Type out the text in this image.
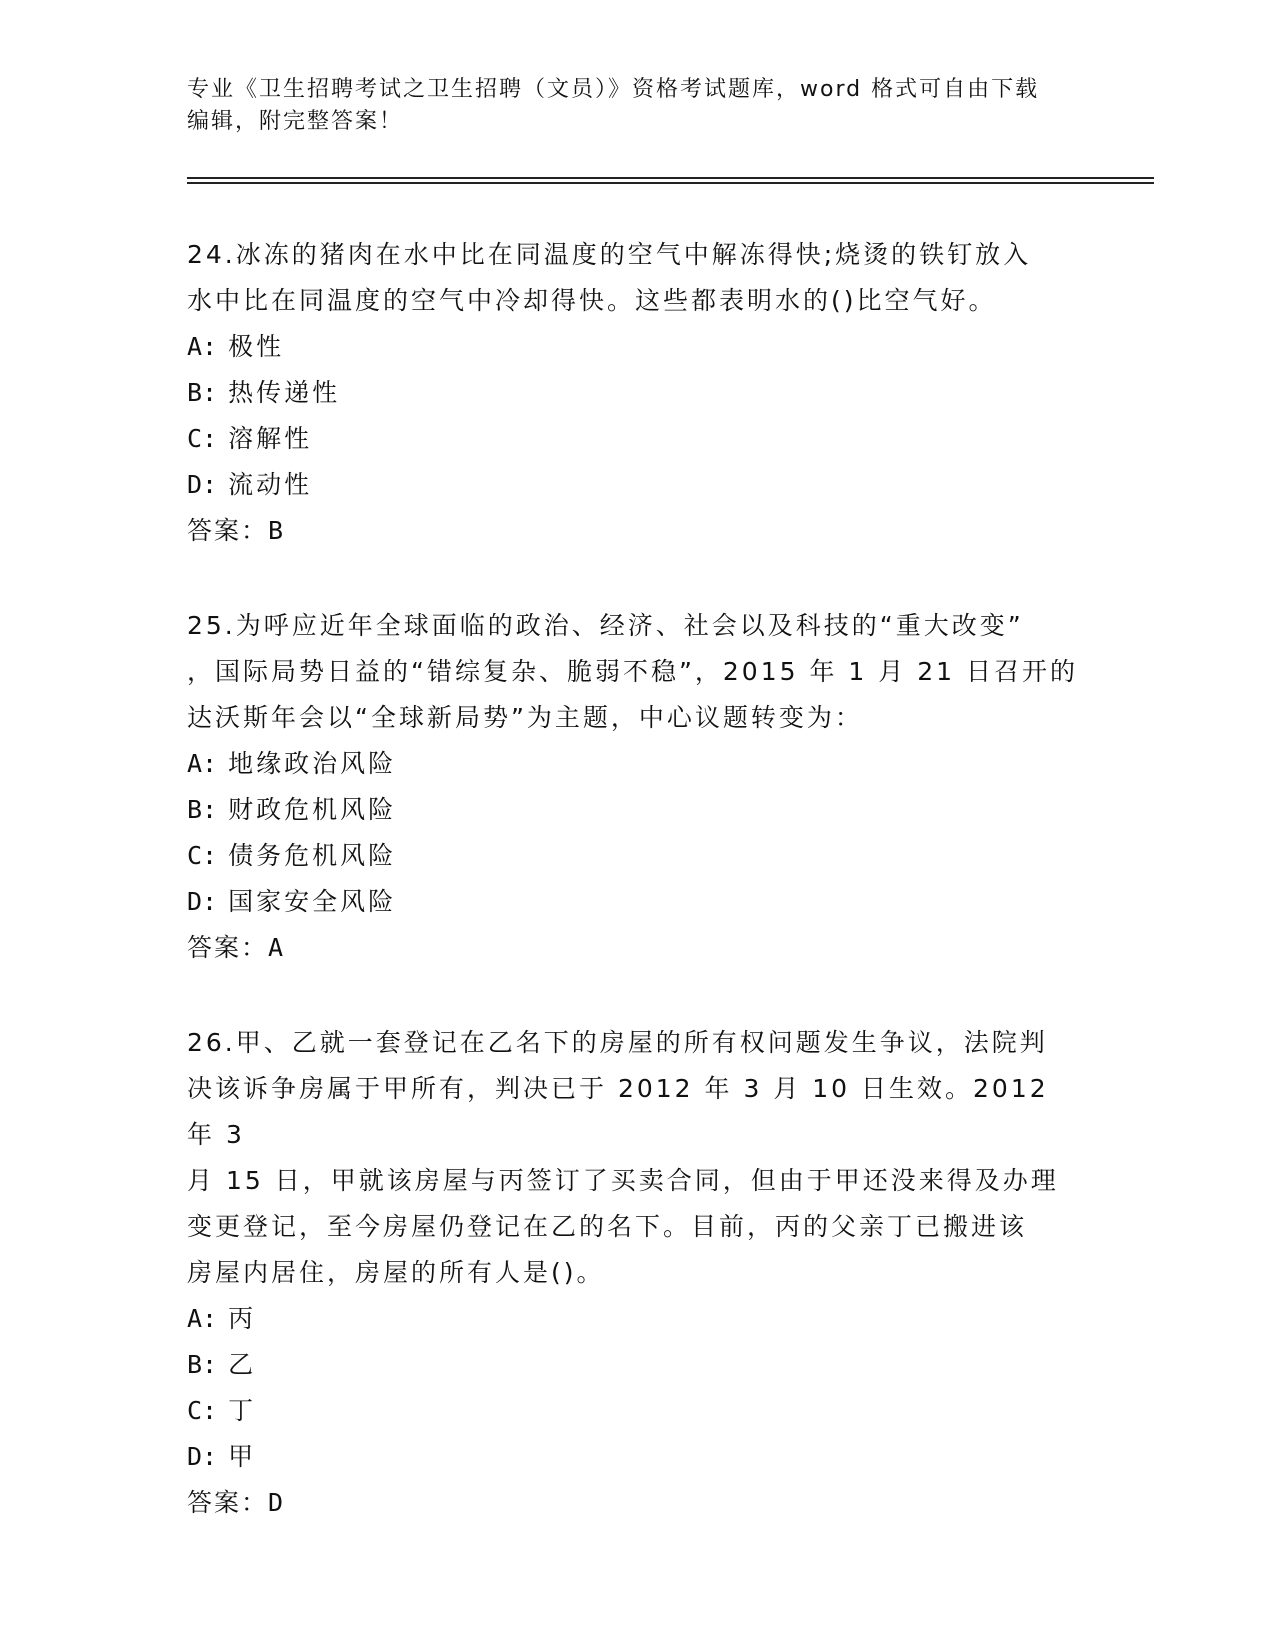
专业《卫生招聘考试之卫生招聘（文员）》资格考试题库，word 格式可自由下载

编辑，附完整答案！

24.冰冻的猪肉在水中比在同温度的空气中解冻得快;烧烫的铁钉放入

水中比在同温度的空气中冷却得快。这些都表明水的()比空气好。

A: 极性
B: 热传递性
C: 溶解性
D: 流动性
答案：B

25.为呼应近年全球面临的政治、经济、社会以及科技的“重大改变”

，国际局势日益的“错综复杂、脆弱不稳”，2015 年 1 月 21 日召开的

达沃斯年会以“全球新局势”为主题，中心议题转变为：

A: 地缘政治风险
B: 财政危机风险
C: 债务危机风险
D: 国家安全风险
答案：A

26.甲、乙就一套登记在乙名下的房屋的所有权问题发生争议，法院判

决该诉争房属于甲所有，判决已于 2012 年 3 月 10 日生效。2012 年 3

月 15 日，甲就该房屋与丙签订了买卖合同，但由于甲还没来得及办理

变更登记，至今房屋仍登记在乙的名下。目前，丙的父亲丁已搬进该

房屋内居住，房屋的所有人是()。

A: 丙
B: 乙
C: 丁
D: 甲
答案：D
